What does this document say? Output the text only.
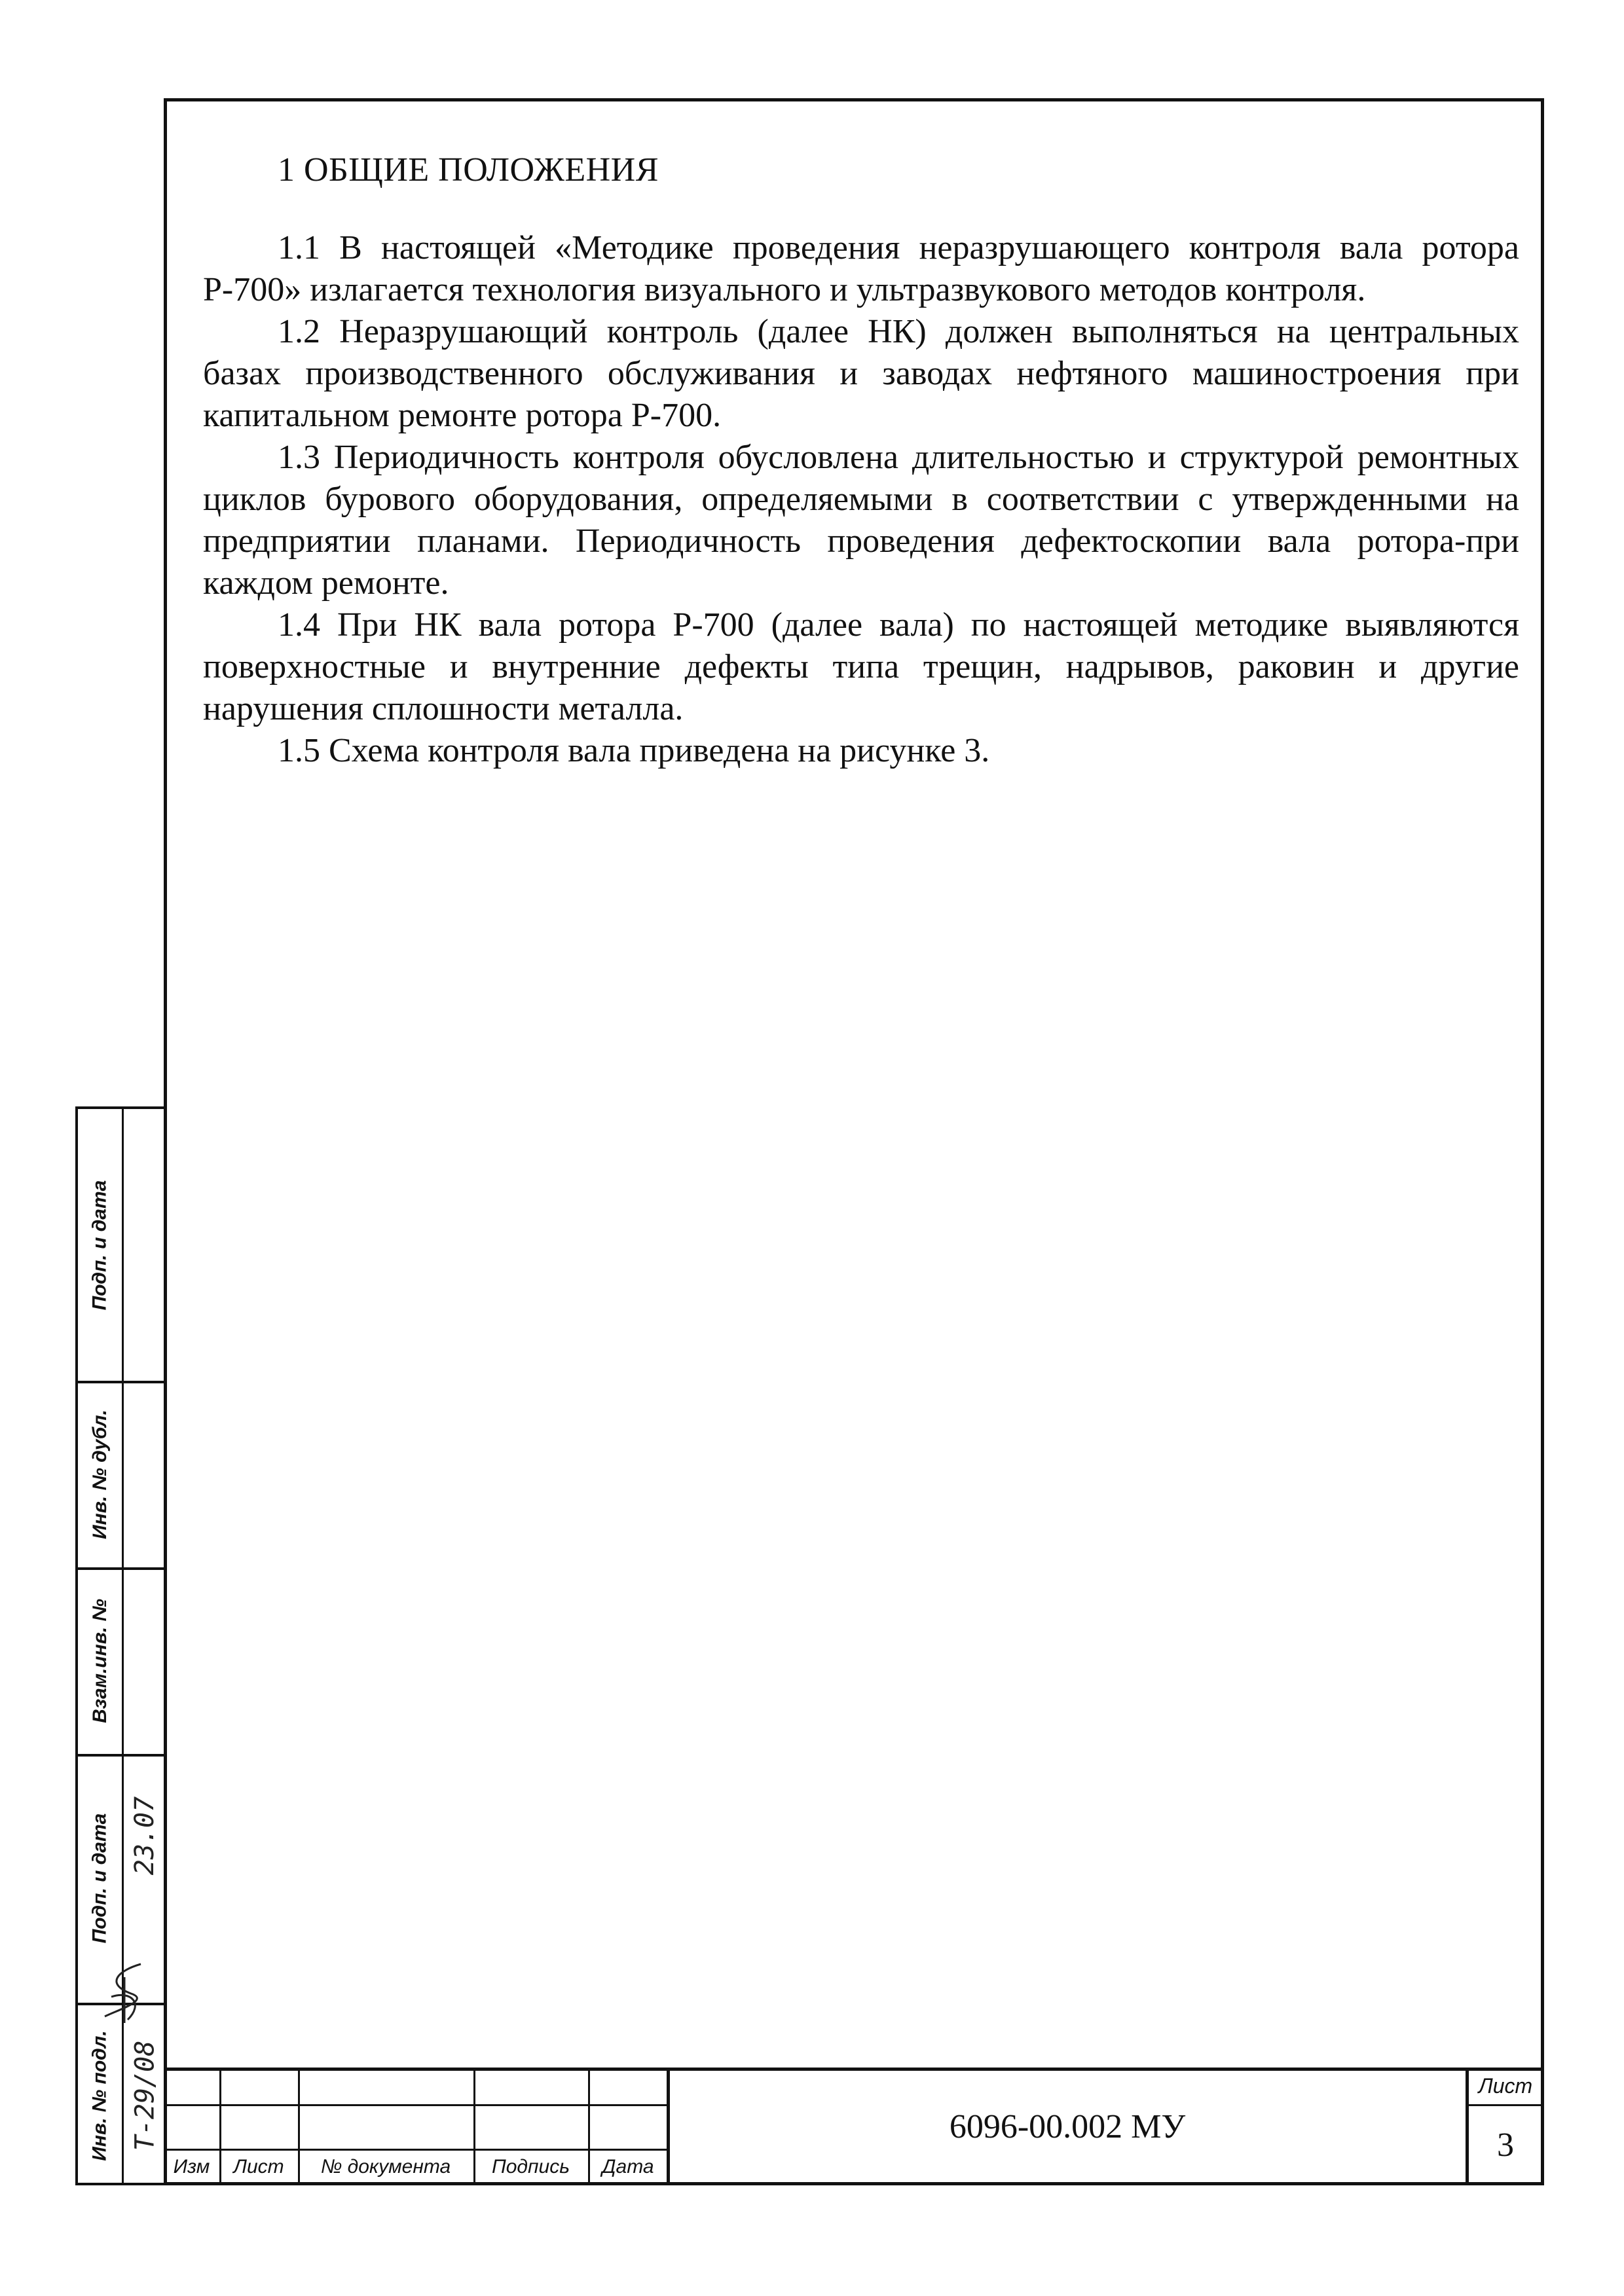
1 ОБЩИЕ ПОЛОЖЕНИЯ

1.1 В настоящей «Методике проведения неразрушающего контроля вала ротора Р-700» излагается технология визуального и ультразвукового методов контроля.

1.2 Неразрушающий контроль (далее НК) должен выполняться на центральных базах производственного обслуживания и заводах нефтяного машиностроения при капитальном ремонте ротора Р-700.

1.3 Периодичность контроля обусловлена длительностью и структурой ремонтных циклов бурового оборудования, определяемыми в соответствии с утвержденными на предприятии планами. Периодичность проведения дефектоскопии вала ротора-при каждом ремонте.

1.4 При НК вала ротора Р-700 (далее вала) по настоящей методике выявляются поверхностные и внутренние дефекты типа трещин, надрывов, раковин и другие нарушения сплошности металла.

1.5 Схема контроля вала приведена на рисунке 3.

Подп. и дата
Инв. № дубл.
Взам.инв. №
Подп. и дата
Инв. № подл.
23.07
Т-29/08
Изм	Лист	№ документа	Подпись	Дата
6096-00.002 МУ
Лист
3
